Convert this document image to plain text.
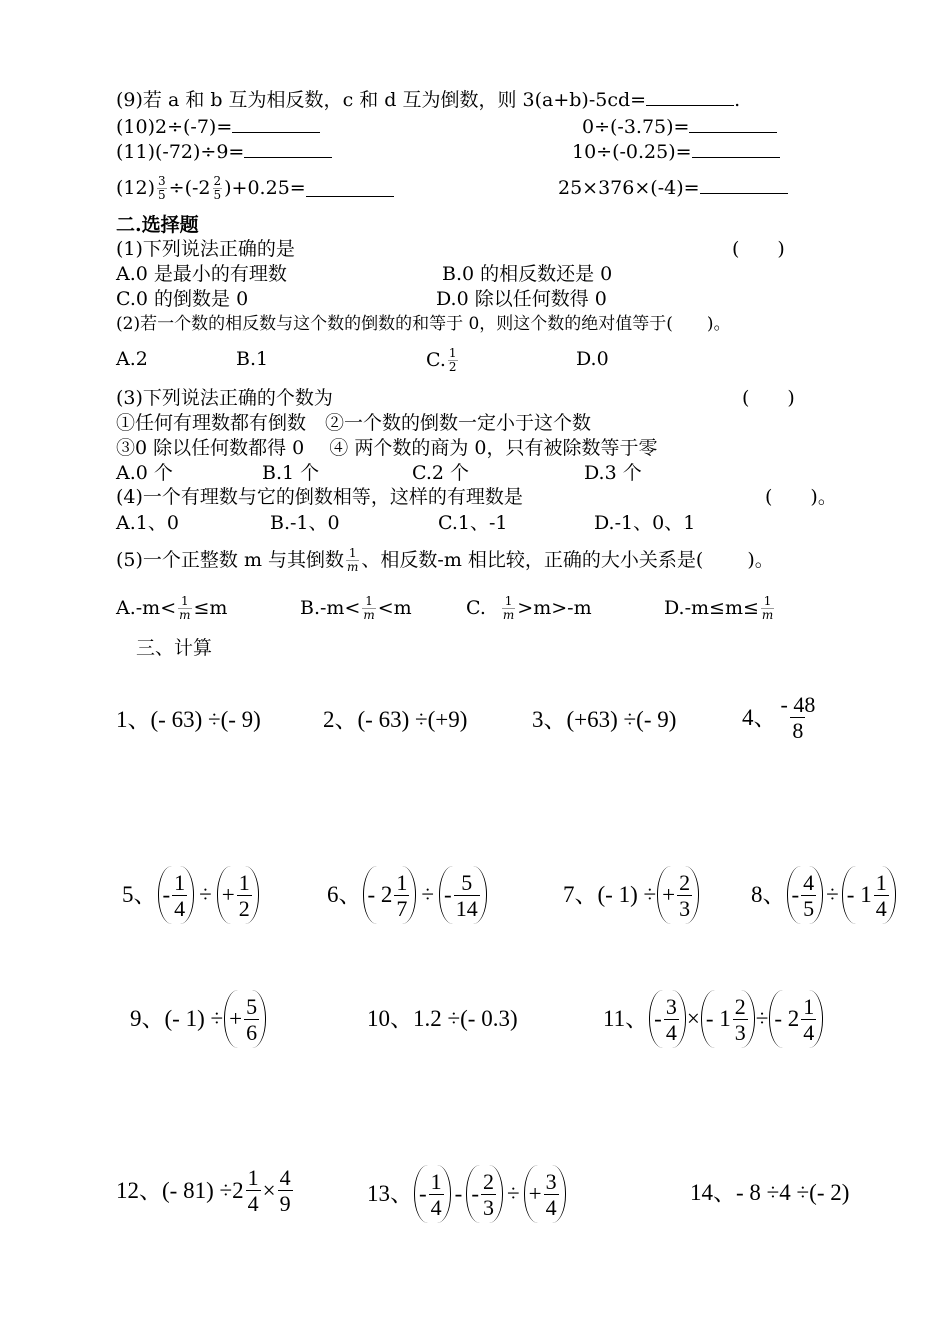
(9)若 a 和 b 互为相反数，c 和 d 互为倒数，则 3(a+b)-5cd=	.
(10)2÷(-7)=	0÷(-3.75)=
(11)(-72)÷9=	10÷(-0.25)=
$(12) \frac{3}{5} \div(-2 \frac{2}{5} )+0.25=$	25×376×(-4)=
二.选择题
(1)下列说法正确的是	(　　)
A.0 是最小的有理数	B.0 的相反数还是 0
C.0 的倒数是 0	D.0 除以任何数得 0
(2)若一个数的相反数与这个数的倒数的和等于 0，则这个数的绝对值等于(　　)。
A.2	B.1	C. $\frac{1}{2}$	D.0
(3)下列说法正确的个数为	(　　)
①任何有理数都有倒数　②一个数的倒数一定小于这个数
③0 除以任何数都得 0　 ④ 两个数的商为 0，只有被除数等于零
A.0 个	B.1 个	C.2 个	D.3 个
(4)一个有理数与它的倒数相等，这样的有理数是	(　　)。
A.1、0	B.-1、0	C.1、-1	D.-1、0、1
(5)一个正整数 m 与其倒数 $\frac{1}{m}$ 、相反数-m 相比较，正确的大小关系是(　　 )。
$A.-m< \frac{1}{m} \le m$	$B.-m< \frac{1}{m} <m$	C. $\frac{1}{m} >m>-m$	$D.-m\le m\le \frac{1}{m}$
三、计算
1、(- 63) ÷(- 9)	2、(- 63) ÷(+9)	3、(+63) ÷(- 9)	4、 - 48
8
5、 - 1
4
÷ + $\frac{1}{2}$	6、 - 2 1
7
÷ - 5
14
7、(- 1) ÷ + $\frac{2}{3}$	8、 - 4
5
÷ - 1 1
4
9、(- 1) ÷ + $\frac{5}{6}$	10、1.2 ÷(- 0.3)	11、 - 3
4
× - 1 2
3
÷ - 2 1
4
12、(- $81) \div 2 \frac{1}{4} \times \frac{4}{9}$	13、 - 1
4
- - 2
3
÷ + $\frac{3}{4}$	14、- 8 ÷4 ÷(- 2)
